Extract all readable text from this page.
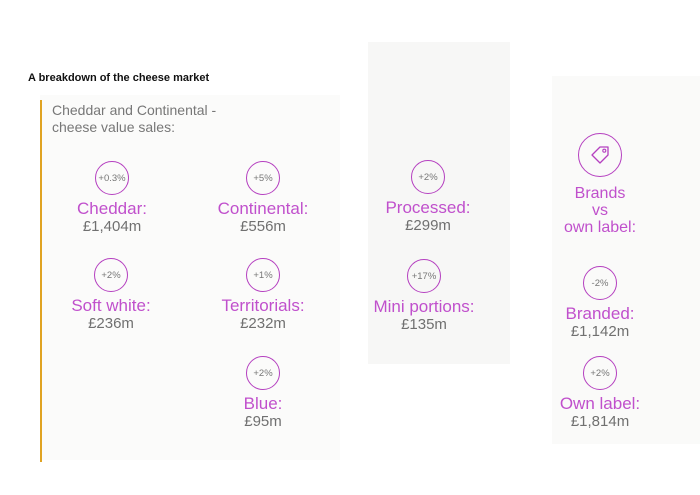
A breakdown of the cheese market
Cheddar and Continental -
cheese value sales:
+0.3%
Cheddar:
£1,404m
+5%
Continental:
£556m
+2%
Processed:
£299m
+2%
Soft white:
£236m
+1%
Territorials:
£232m
+17%
Mini portions:
£135m
+2%
Blue:
£95m
Brands
vs
own label:
-2%
Branded:
£1,142m
+2%
Own label:
£1,814m
